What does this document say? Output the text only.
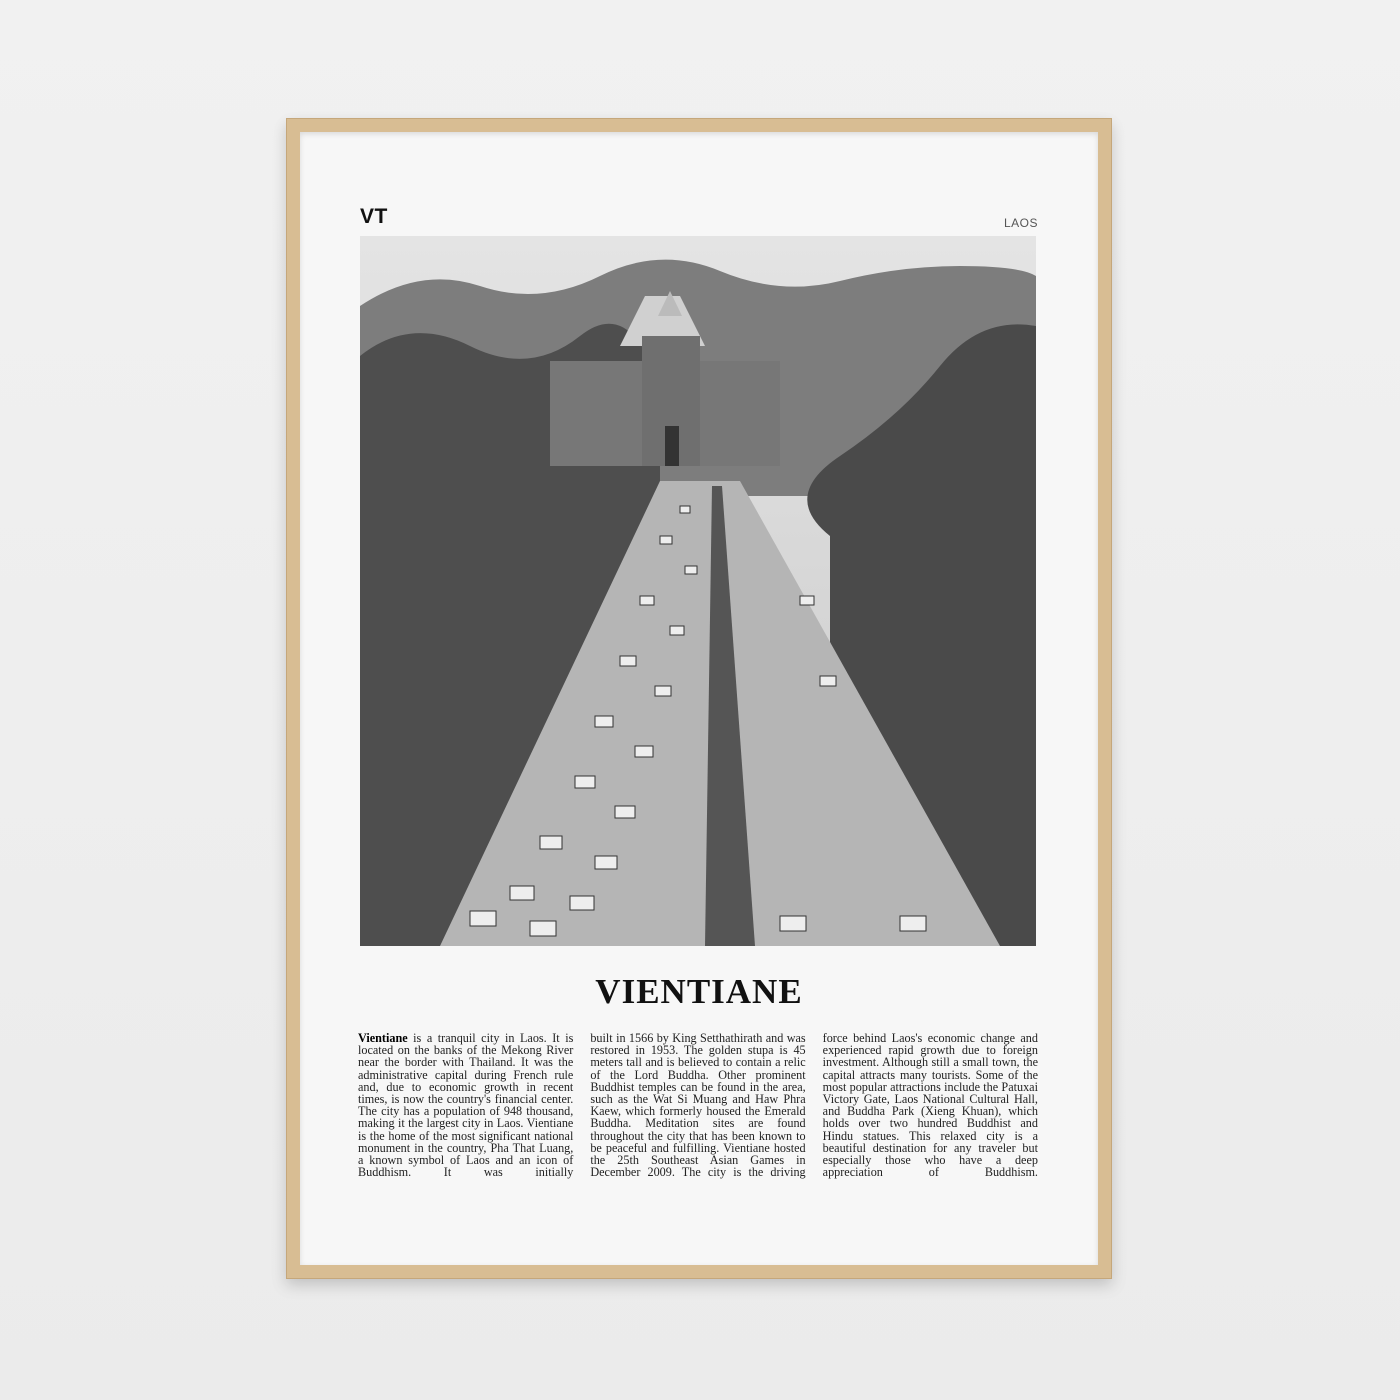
VT	LAOS
VIENTIANE
Vientiane is a tranquil city in Laos. It is located on the banks of the Mekong River near the border with Thailand. It was the administrative capital during French rule and, due to economic growth in recent times, is now the country's financial center. The city has a population of 948 thousand, making it the largest city in Laos. Vientiane is the home of the most significant national monument in the country, Pha That Luang, a known symbol of Laos and an icon of Buddhism. It was initially
built in 1566 by King Setthathirath and was restored in 1953. The golden stupa is 45 meters tall and is believed to contain a relic of the Lord Buddha. Other prominent Buddhist temples can be found in the area, such as the Wat Si Muang and Haw Phra Kaew, which formerly housed the Emerald Buddha. Meditation sites are found throughout the city that has been known to be peaceful and fulfilling. Vientiane hosted the 25th Southeast Asian Games in December 2009. The city is the driving
force behind Laos's economic change and experienced rapid growth due to foreign investment. Although still a small town, the capital attracts many tourists. Some of the most popular attractions include the Patuxai Victory Gate, Laos National Cultural Hall, and Buddha Park (Xieng Khuan), which holds over two hundred Buddhist and Hindu statues. This relaxed city is a beautiful destination for any traveler but especially those who have a deep appreciation of Buddhism.
